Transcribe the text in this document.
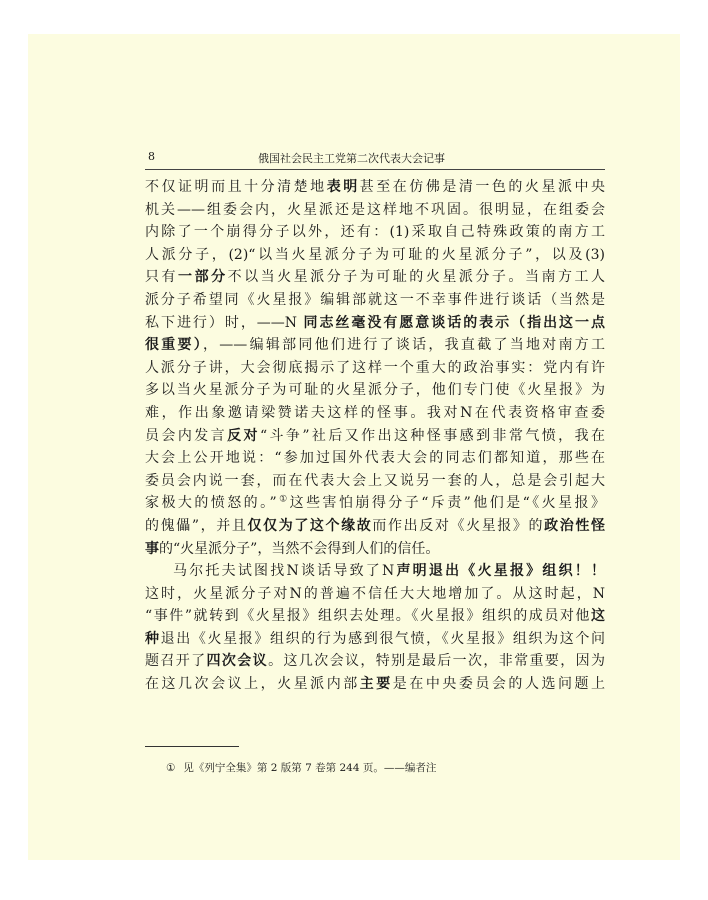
8	俄国社会民主工党第二次代表大会记事
不仅证明而且十分清楚地表明甚至在仿佛是清一色的火星派中央
机关——组委会内，火星派还是这样地不巩固。很明显，在组委会
内除了一个崩得分子以外，还有：(1)采取自己特殊政策的南方工
人派分子，(2)“以当火星派分子为可耻的火星派分子”，以及(3)
只有一部分不以当火星派分子为可耻的火星派分子。当南方工人
派分子希望同《火星报》编辑部就这一不幸事件进行谈话（当然是
私下进行）时，——N 同志丝毫没有愿意谈话的表示（指出这一点
很重要），——编辑部同他们进行了谈话，我直截了当地对南方工
人派分子讲，大会彻底揭示了这样一个重大的政治事实：党内有许
多以当火星派分子为可耻的火星派分子，他们专门使《火星报》为
难，作出象邀请梁赞诺夫这样的怪事。我对N在代表资格审查委
员会内发言反对“斗争”社后又作出这种怪事感到非常气愤，我在
大会上公开地说：“参加过国外代表大会的同志们都知道，那些在
委员会内说一套，而在代表大会上又说另一套的人，总是会引起大
家极大的愤怒的。”①这些害怕崩得分子“斥责”他们是“《火星报》
的傀儡”，并且仅仅为了这个缘故而作出反对《火星报》的政治性怪
事的“火星派分子”，当然不会得到人们的信任。
马尔托夫试图找N谈话导致了N声明退出《火星报》组织！！
这时，火星派分子对N的普遍不信任大大地增加了。从这时起，N
“事件”就转到《火星报》组织去处理。《火星报》组织的成员对他这
种退出《火星报》组织的行为感到很气愤，《火星报》组织为这个问
题召开了四次会议。这几次会议，特别是最后一次，非常重要，因为
在这几次会议上，火星派内部主要是在中央委员会的人选问题上
① 见《列宁全集》第 2 版第 7 卷第 244 页。——编者注
